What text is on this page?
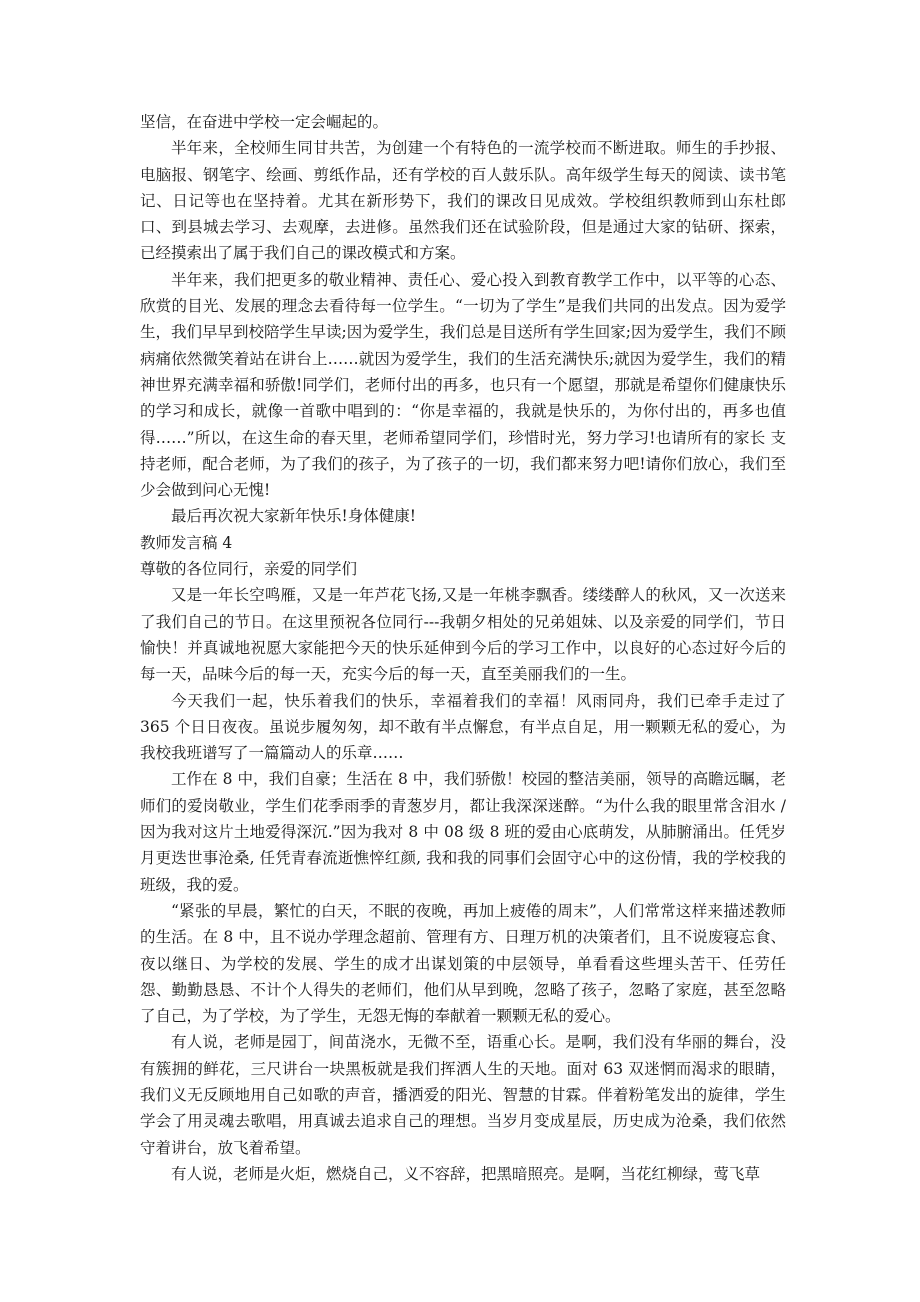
坚信，在奋进中学校一定会崛起的。

半年来，全校师生同甘共苦，为创建一个有特色的一流学校而不断进取。师生的手抄报、电脑报、钢笔字、绘画、剪纸作品，还有学校的百人鼓乐队。高年级学生每天的阅读、读书笔记、日记等也在坚持着。尤其在新形势下，我们的课改日见成效。学校组织教师到山东杜郎口、到县城去学习、去观摩，去进修。虽然我们还在试验阶段，但是通过大家的钻研、探索，已经摸索出了属于我们自己的课改模式和方案。

半年来，我们把更多的敬业精神、责任心、爱心投入到教育教学工作中，以平等的心态、欣赏的目光、发展的理念去看待每一位学生。“一切为了学生”是我们共同的出发点。因为爱学生，我们早早到校陪学生早读;因为爱学生，我们总是目送所有学生回家;因为爱学生，我们不顾病痛依然微笑着站在讲台上……就因为爱学生，我们的生活充满快乐;就因为爱学生，我们的精神世界充满幸福和骄傲!同学们，老师付出的再多，也只有一个愿望，那就是希望你们健康快乐的学习和成长，就像一首歌中唱到的：“你是幸福的，我就是快乐的，为你付出的，再多也值得……”所以，在这生命的春天里，老师希望同学们，珍惜时光，努力学习!也请所有的家长 支持老师，配合老师，为了我们的孩子，为了孩子的一切，我们都来努力吧!请你们放心，我们至少会做到问心无愧!

最后再次祝大家新年快乐!身体健康!

教师发言稿 4

尊敬的各位同行，亲爱的同学们

又是一年长空鸣雁，又是一年芦花飞扬,又是一年桃李飘香。缕缕醉人的秋风，又一次送来了我们自己的节日。在这里预祝各位同行---我朝夕相处的兄弟姐妹、以及亲爱的同学们，节日愉快！并真诚地祝愿大家能把今天的快乐延伸到今后的学习工作中，以良好的心态过好今后的每一天，品味今后的每一天，充实今后的每一天，直至美丽我们的一生。

今天我们一起，快乐着我们的快乐，幸福着我们的幸福！风雨同舟，我们已牵手走过了 365 个日日夜夜。虽说步履匆匆，却不敢有半点懈怠，有半点自足，用一颗颗无私的爱心，为我校我班谱写了一篇篇动人的乐章……

工作在 8 中，我们自豪；生活在 8 中，我们骄傲！校园的整洁美丽，领导的高瞻远瞩，老师们的爱岗敬业，学生们花季雨季的青葱岁月，都让我深深迷醉。“为什么我的眼里常含泪水 / 因为我对这片土地爱得深沉.”因为我对 8 中 08 级 8 班的爱由心底萌发，从肺腑涌出。任凭岁月更迭世事沧桑, 任凭青春流逝憔悴红颜, 我和我的同事们会固守心中的这份情，我的学校我的班级，我的爱。

“紧张的早晨，繁忙的白天，不眠的夜晚，再加上疲倦的周末”，人们常常这样来描述教师的生活。在 8 中，且不说办学理念超前、管理有方、日理万机的决策者们，且不说废寝忘食、夜以继日、为学校的发展、学生的成才出谋划策的中层领导，单看看这些埋头苦干、任劳任怨、勤勤恳恳、不计个人得失的老师们，他们从早到晚，忽略了孩子，忽略了家庭，甚至忽略了自己，为了学校，为了学生，无怨无悔的奉献着一颗颗无私的爱心。

有人说，老师是园丁，间苗浇水，无微不至，语重心长。是啊，我们没有华丽的舞台，没有簇拥的鲜花，三尺讲台一块黑板就是我们挥洒人生的天地。面对 63 双迷惘而渴求的眼睛，我们义无反顾地用自己如歌的声音，播洒爱的阳光、智慧的甘霖。伴着粉笔发出的旋律，学生学会了用灵魂去歌唱，用真诚去追求自己的理想。当岁月变成星辰，历史成为沧桑，我们依然守着讲台，放飞着希望。

有人说，老师是火炬，燃烧自己，义不容辞，把黑暗照亮。是啊，当花红柳绿，莺飞草
